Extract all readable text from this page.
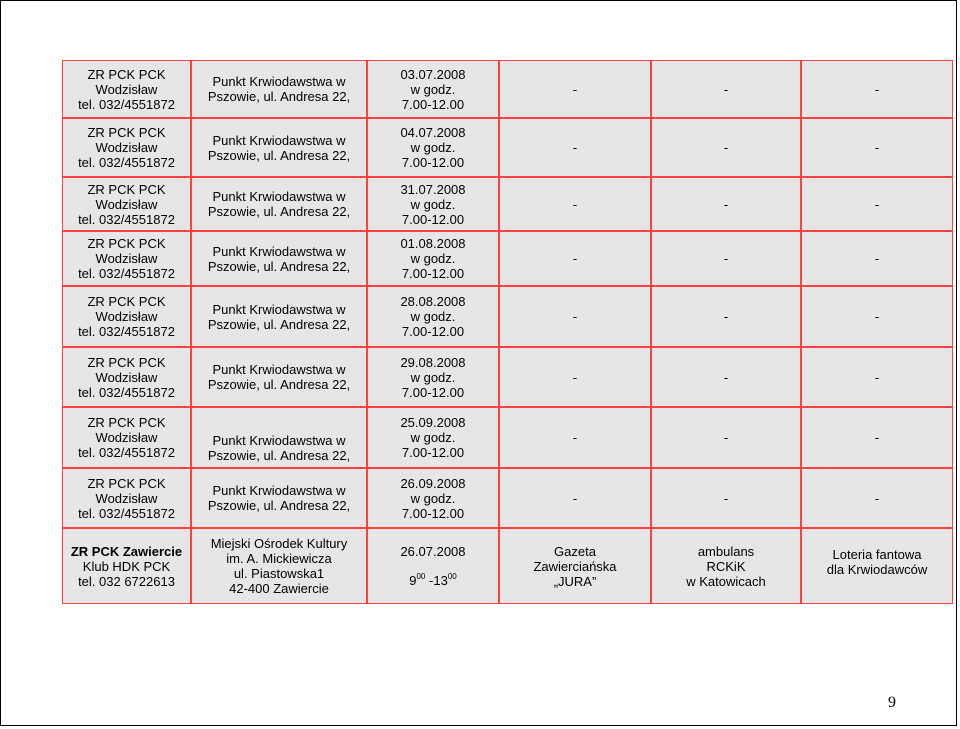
ZR PCK PCK
Wodzisław
tel. 032/4551872	Punkt Krwiodawstwa w
Pszowie, ul. Andresa 22,	03.07.2008
w godz.
7.00-12.00	-	-	-

ZR PCK PCK
Wodzisław
tel. 032/4551872	Punkt Krwiodawstwa w
Pszowie, ul. Andresa 22,	04.07.2008
w godz.
7.00-12.00	-	-	-

ZR PCK PCK
Wodzisław
tel. 032/4551872	Punkt Krwiodawstwa w
Pszowie, ul. Andresa 22,	31.07.2008
w godz.
7.00-12.00	-	-	-

ZR PCK PCK
Wodzisław
tel. 032/4551872	Punkt Krwiodawstwa w
Pszowie, ul. Andresa 22,	01.08.2008
w godz.
7.00-12.00	-	-	-

ZR PCK PCK
Wodzisław
tel. 032/4551872	Punkt Krwiodawstwa w
Pszowie, ul. Andresa 22,	28.08.2008
w godz.
7.00-12.00	-	-	-

ZR PCK PCK
Wodzisław
tel. 032/4551872	Punkt Krwiodawstwa w
Pszowie, ul. Andresa 22,	29.08.2008
w godz.
7.00-12.00	-	-	-

ZR PCK PCK
Wodzisław
tel. 032/4551872	Punkt Krwiodawstwa w
Pszowie, ul. Andresa 22,	25.09.2008
w godz.
7.00-12.00	-	-	-

ZR PCK PCK
Wodzisław
tel. 032/4551872	Punkt Krwiodawstwa w
Pszowie, ul. Andresa 22,	26.09.2008
w godz.
7.00-12.00	-	-	-

ZR PCK Zawiercie
Klub HDK PCK
tel. 032 6722613	Miejski Ośrodek Kultury
im. A. Mickiewicza
ul. Piastowska1
42-400 Zawiercie	26.07.2008
$9^{00}$ $-13^{00}$	Gazeta
Zawierciańska
„JURA”	ambulans
RCKiK
w Katowicach	Loteria fantowa
dla Krwiodawców
9
